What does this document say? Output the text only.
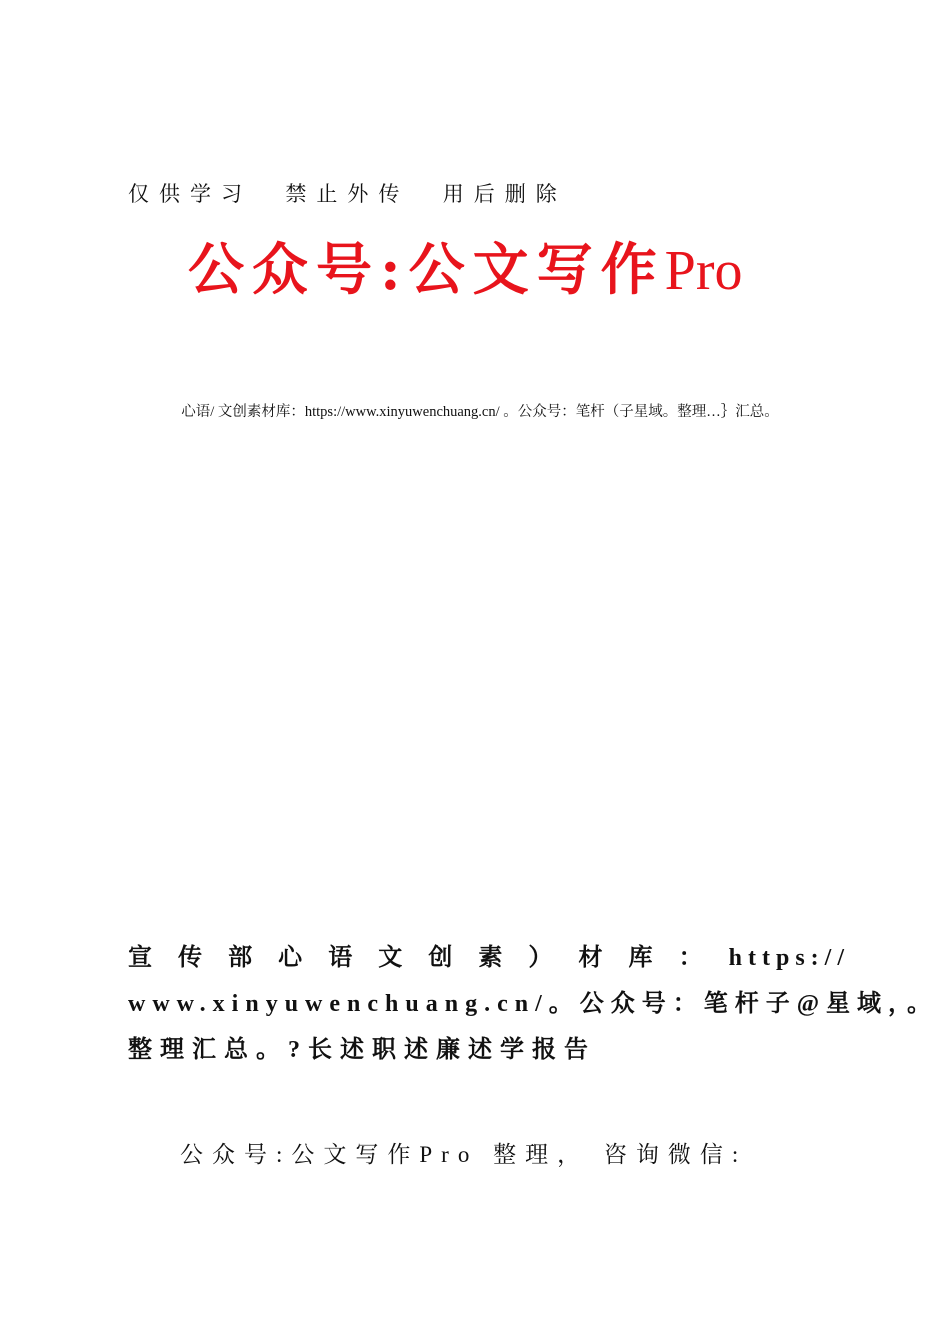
仅供学习  禁止外传  用后删除
公众号:公文写作Pro
心语/ 文创素材库：https://www.xinyuwenchuang.cn/ 。公众号：笔杆（子星域。整理…｝汇总。
宣传部心语文创素）材库：https://
www.xinyuwenchuang.cn/。公众号：笔杆子@星域，。
整理汇总。?长述职述廉述学报告
公众号:公文写作Pro 整理， 咨询微信:
